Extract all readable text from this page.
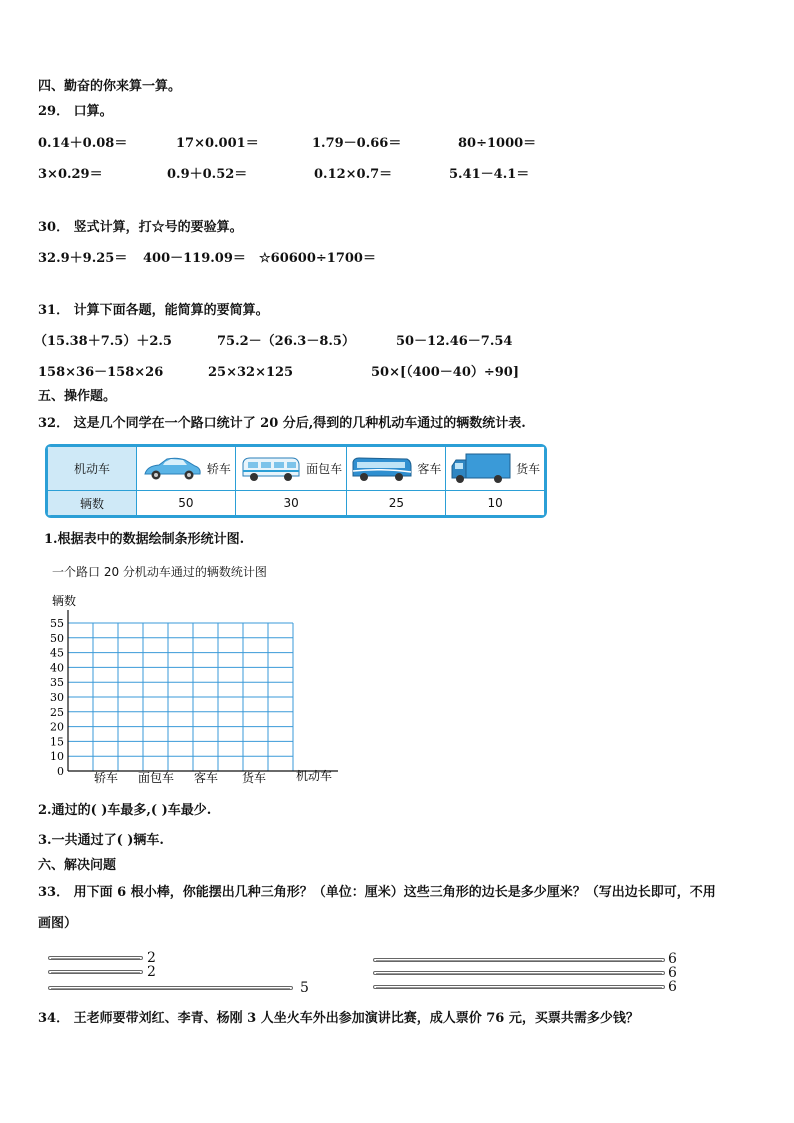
四、勤奋的你来算一算。
29． 口算。
0.14＋0.08＝	17×0.001＝	1.79－0.66＝	80÷1000＝
3×0.29＝	0.9＋0.52＝	0.12×0.7＝	5.41－4.1＝
30． 竖式计算，打☆号的要验算。
32.9＋9.25＝ 400－119.09＝ ☆60600÷1700＝
31． 计算下面各题，能简算的要简算。
（15.38＋7.5）＋2.5	75.2－（26.3－8.5）	50－12.46－7.54
158×36－158×26	25×32×125	50×[（400－40）÷90]
五、操作题。
32． 这是几个同学在一个路口统计了 20 分后,得到的几种机动车通过的辆数统计表.
机动车	轿车	面包车	客车	货车

辆数	50	30	25	10
1.根据表中的数据绘制条形统计图.
一个路口 20 分机动车通过的辆数统计图
0
10
15
20
25
30
35
40
45
50
55
辆数
轿车 面包车 客车 货车 机动车
2.通过的( )车最多,( )车最少.
3.一共通过了( )辆车.
六、解决问题
33． 用下面 6 根小棒，你能摆出几种三角形？（单位：厘米）这些三角形的边长是多少厘米？（写出边长即可，不用
画图）
2
2
5
6
6
6
34． 王老师要带刘红、李青、杨刚 3 人坐火车外出参加演讲比赛，成人票价 76 元，买票共需多少钱？
